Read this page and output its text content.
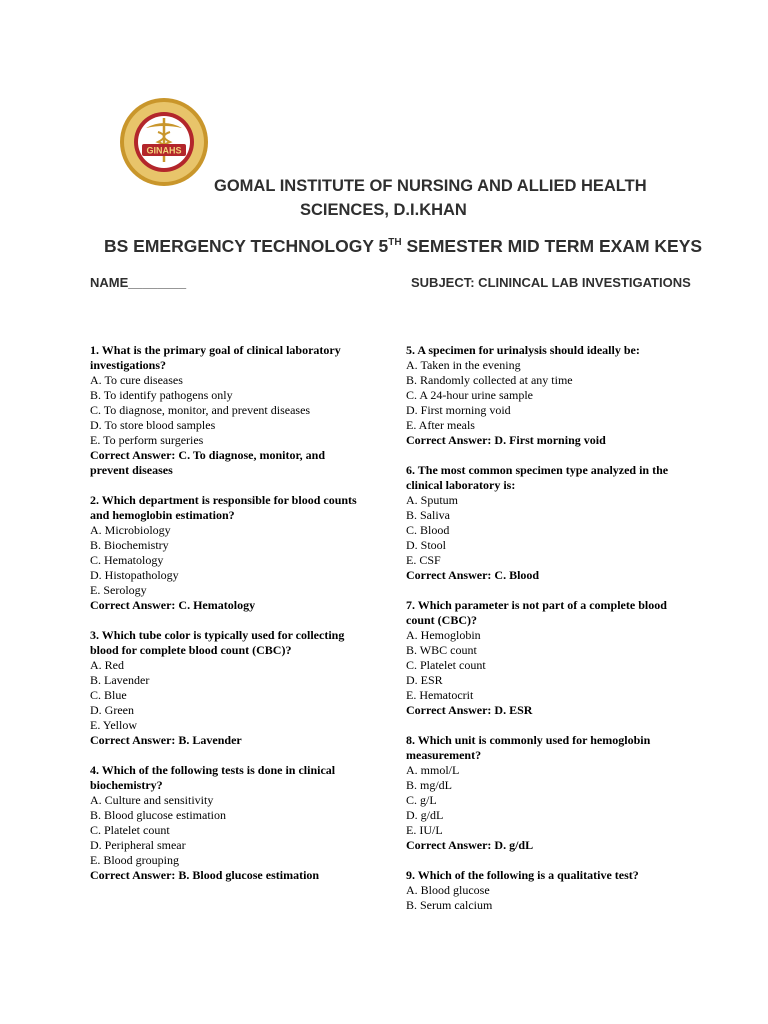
GINAHS
GOMAL INSTITUTE OF NURSING AND ALLIED HEALTH
SCIENCES, D.I.KHAN
BS EMERGENCY TECHNOLOGY 5TH SEMESTER MID TERM EXAM KEYS
NAME________	SUBJECT: CLININCAL LAB INVESTIGATIONS
1. What is the primary goal of clinical laboratory investigations?
A. To cure diseases
B. To identify pathogens only
C. To diagnose, monitor, and prevent diseases
D. To store blood samples
E. To perform surgeries
Correct Answer: C. To diagnose, monitor, and prevent diseases
2. Which department is responsible for blood counts and hemoglobin estimation?
A. Microbiology
B. Biochemistry
C. Hematology
D. Histopathology
E. Serology
Correct Answer: C. Hematology
3. Which tube color is typically used for collecting blood for complete blood count (CBC)?
A. Red
B. Lavender
C. Blue
D. Green
E. Yellow
Correct Answer: B. Lavender
4. Which of the following tests is done in clinical biochemistry?
A. Culture and sensitivity
B. Blood glucose estimation
C. Platelet count
D. Peripheral smear
E. Blood grouping
Correct Answer: B. Blood glucose estimation
5. A specimen for urinalysis should ideally be:
A. Taken in the evening
B. Randomly collected at any time
C. A 24-hour urine sample
D. First morning void
E. After meals
Correct Answer: D. First morning void
6. The most common specimen type analyzed in the clinical laboratory is:
A. Sputum
B. Saliva
C. Blood
D. Stool
E. CSF
Correct Answer: C. Blood
7. Which parameter is not part of a complete blood count (CBC)?
A. Hemoglobin
B. WBC count
C. Platelet count
D. ESR
E. Hematocrit
Correct Answer: D. ESR
8. Which unit is commonly used for hemoglobin measurement?
A. mmol/L
B. mg/dL
C. g/L
D. g/dL
E. IU/L
Correct Answer: D. g/dL
9. Which of the following is a qualitative test?
A. Blood glucose
B. Serum calcium
